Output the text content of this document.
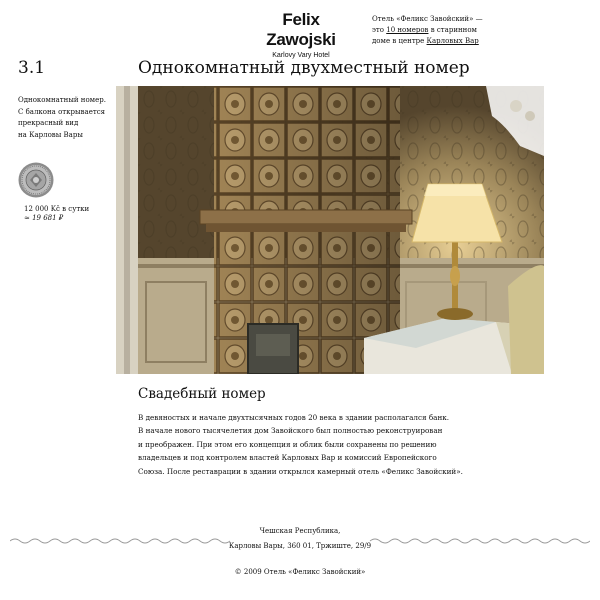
Felix Zawojski
Karlovy Vary Hotel
Отель «Феликс Завойский» —
это 10 номеров в старинном
доме в центре Карловых Вар
3.1	Однокомнатный двухместный номер
Однокомнатный номер.
С балкона открывается
прекрасный вид
на Карловы Вары
12 000 Kč в сутки
≈ 19 681 ₽
Свадебный номер
В девяностых и начале двухтысячных годов 20 века в здании располагался банк.
В начале нового тысячелетия дом Завойского был полностью реконструирован
и преображен. При этом его концепция и облик были сохранены по решению
владельцев и под контролем властей Карловых Вар и комиссий Европейского
Союза. После реставрации в здании открылся камерный отель «Феликс Завойский».
Чешская Республика,
Карловы Вары, 360 01, Тржиште, 29/9
© 2009 Отель «Феликс Завойский»
